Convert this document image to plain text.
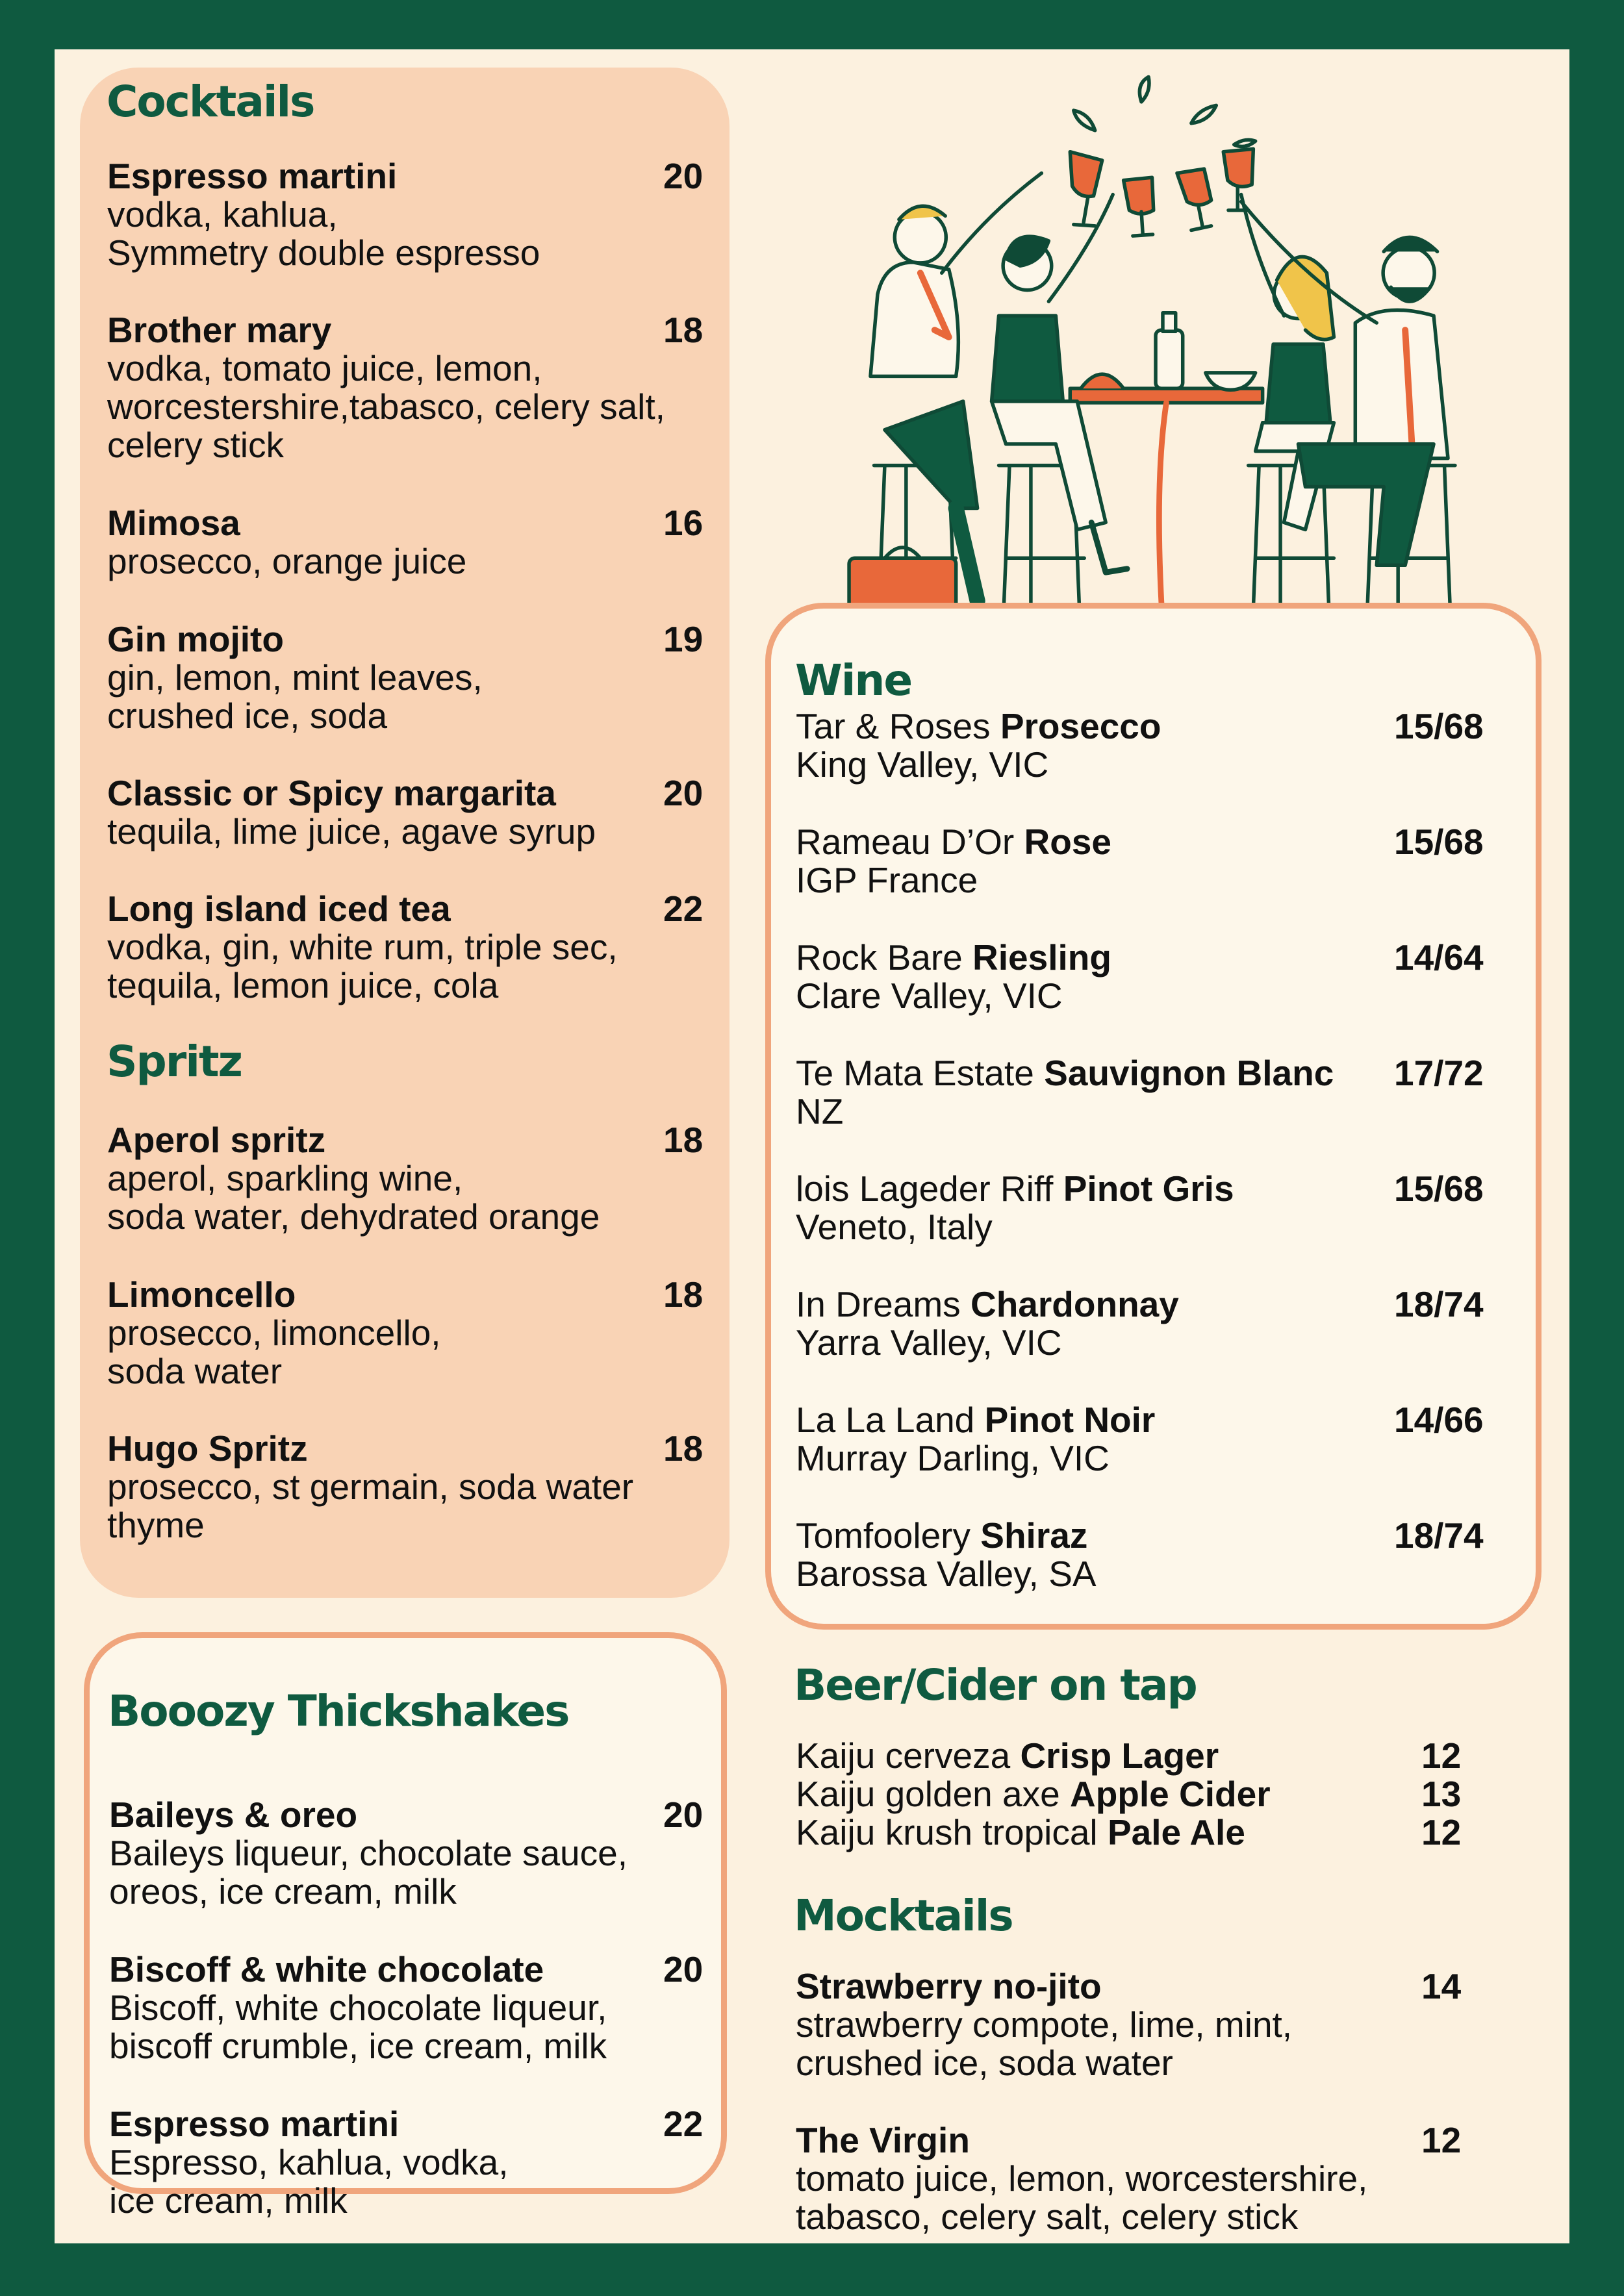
Cocktails
Espresso martini	20
vodka, kahlua,
Symmetry double espresso
Brother mary	18
vodka, tomato juice, lemon,
worcestershire,tabasco, celery salt,
celery stick
Mimosa	16
prosecco, orange juice
Gin mojito	19
gin, lemon, mint leaves,
crushed ice, soda
Classic or Spicy margarita	20
tequila, lime juice, agave syrup
Long island iced tea	22
vodka, gin, white rum, triple sec,
tequila, lemon juice, cola
Spritz
Aperol spritz	18
aperol, sparkling wine,
soda water, dehydrated orange
Limoncello	18
prosecco, limoncello,
soda water
Hugo Spritz	18
prosecco, st germain, soda water
thyme
Booozy Thickshakes
Baileys & oreo	20
Baileys liqueur, chocolate sauce,
oreos, ice cream, milk
Biscoff & white chocolate	20
Biscoff, white chocolate liqueur,
biscoff crumble, ice cream, milk
Espresso martini	22
Espresso, kahlua, vodka,
ice cream, milk
Wine
Tar & Roses Prosecco	15/68
King Valley, VIC
Rameau D’Or Rose	15/68
IGP France
Rock Bare Riesling	14/64
Clare Valley, VIC
Te Mata Estate Sauvignon Blanc	17/72
NZ
lois Lageder Riff Pinot Gris	15/68
Veneto, Italy
In Dreams Chardonnay	18/74
Yarra Valley, VIC
La La Land Pinot Noir	14/66
Murray Darling, VIC
Tomfoolery Shiraz	18/74
Barossa Valley, SA
Beer/Cider on tap
Kaiju cerveza Crisp Lager	12
Kaiju golden axe Apple Cider	13
Kaiju krush tropical Pale Ale	12
Mocktails
Strawberry no-jito	14
strawberry compote, lime, mint,
crushed ice, soda water
The Virgin	12
tomato juice, lemon, worcestershire,
tabasco, celery salt, celery stick
